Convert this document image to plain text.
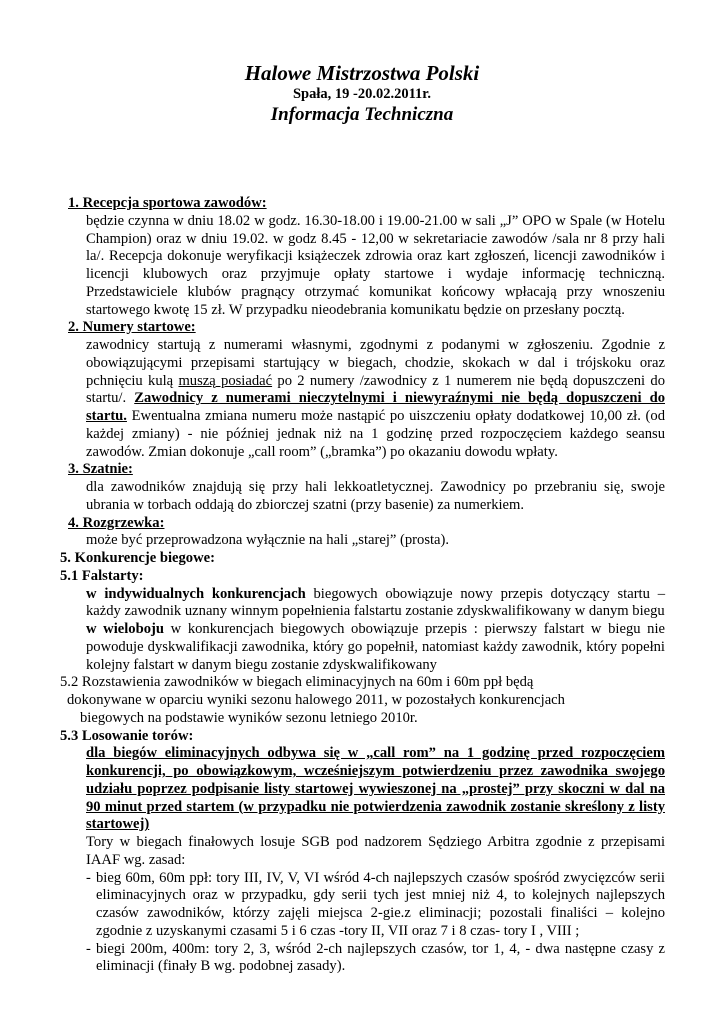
Halowe Mistrzostwa Polski
Spała, 19 -20.02.2011r.
Informacja Techniczna
1. Recepcja sportowa zawodów:
będzie czynna w dniu 18.02 w godz. 16.30-18.00 i 19.00-21.00 w sali „J” OPO w Spale (w Hotelu Champion) oraz w dniu 19.02. w godz 8.45 - 12,00 w sekretariacie zawodów /sala nr 8 przy hali la/. Recepcja dokonuje weryfikacji książeczek zdrowia oraz kart zgłoszeń, licencji zawodników i licencji klubowych oraz przyjmuje opłaty startowe i wydaje informację techniczną. Przedstawiciele klubów pragnący otrzymać komunikat końcowy wpłacają przy wnoszeniu startowego kwotę 15 zł. W przypadku nieodebrania komunikatu będzie on przesłany pocztą.
2. Numery startowe:
zawodnicy startują z numerami własnymi, zgodnymi z podanymi w zgłoszeniu. Zgodnie z obowiązującymi przepisami startujący w biegach, chodzie, skokach w dal i trójskoku oraz pchnięciu kulą muszą posiadać po 2 numery /zawodnicy z 1 numerem nie będą dopuszczeni do startu/. Zawodnicy z numerami nieczytelnymi i niewyraźnymi nie będą dopuszczeni do startu. Ewentualna zmiana numeru może nastąpić po uiszczeniu opłaty dodatkowej 10,00 zł. (od każdej zmiany) - nie później jednak niż na 1 godzinę przed rozpoczęciem każdego seansu zawodów. Zmian dokonuje „call room” („bramka”) po okazaniu dowodu wpłaty.
3. Szatnie:
dla zawodników znajdują się przy hali lekkoatletycznej. Zawodnicy po przebraniu się, swoje ubrania w torbach oddają do zbiorczej szatni (przy basenie) za numerkiem.
4. Rozgrzewka:
może być przeprowadzona wyłącznie na hali „starej” (prosta).
5. Konkurencje biegowe:
5.1 Falstarty:
w indywidualnych konkurencjach biegowych obowiązuje nowy przepis dotyczący startu – każdy zawodnik uznany winnym popełnienia falstartu zostanie zdyskwalifikowany w danym biegu
w wieloboju w konkurencjach biegowych obowiązuje przepis : pierwszy falstart w biegu nie powoduje dyskwalifikacji zawodnika, który go popełnił, natomiast każdy zawodnik, który popełni kolejny falstart w danym biegu zostanie zdyskwalifikowany
5.2 Rozstawienia zawodników w biegach eliminacyjnych na 60m i 60m ppł będą
dokonywane w oparciu wyniki sezonu halowego 2011, w pozostałych konkurencjach
biegowych na podstawie wyników sezonu letniego 2010r.
5.3 Losowanie torów:
dla biegów eliminacyjnych odbywa się w „call rom” na 1 godzinę przed rozpoczęciem konkurencji, po obowiązkowym, wcześniejszym potwierdzeniu przez zawodnika swojego udziału poprzez podpisanie listy startowej wywieszonej na „prostej” przy skoczni w dal na 90 minut przed startem (w przypadku nie potwierdzenia zawodnik zostanie skreślony z listy startowej)
Tory w biegach finałowych losuje SGB pod nadzorem Sędziego Arbitra zgodnie z przepisami IAAF wg. zasad:
- bieg 60m, 60m ppł: tory III, IV, V, VI wśród 4-ch najlepszych czasów spośród zwycięzców serii eliminacyjnych oraz w przypadku, gdy serii tych jest mniej niż 4, to kolejnych najlepszych czasów zawodników, którzy zajęli miejsca 2-gie.z eliminacji; pozostali finaliści – kolejno zgodnie z uzyskanymi czasami 5 i 6 czas -tory II, VII oraz 7 i 8 czas- tory I , VIII ;
- biegi 200m, 400m: tory 2, 3, wśród 2-ch najlepszych czasów, tor 1, 4, - dwa następne czasy z eliminacji (finały B wg. podobnej zasady).
